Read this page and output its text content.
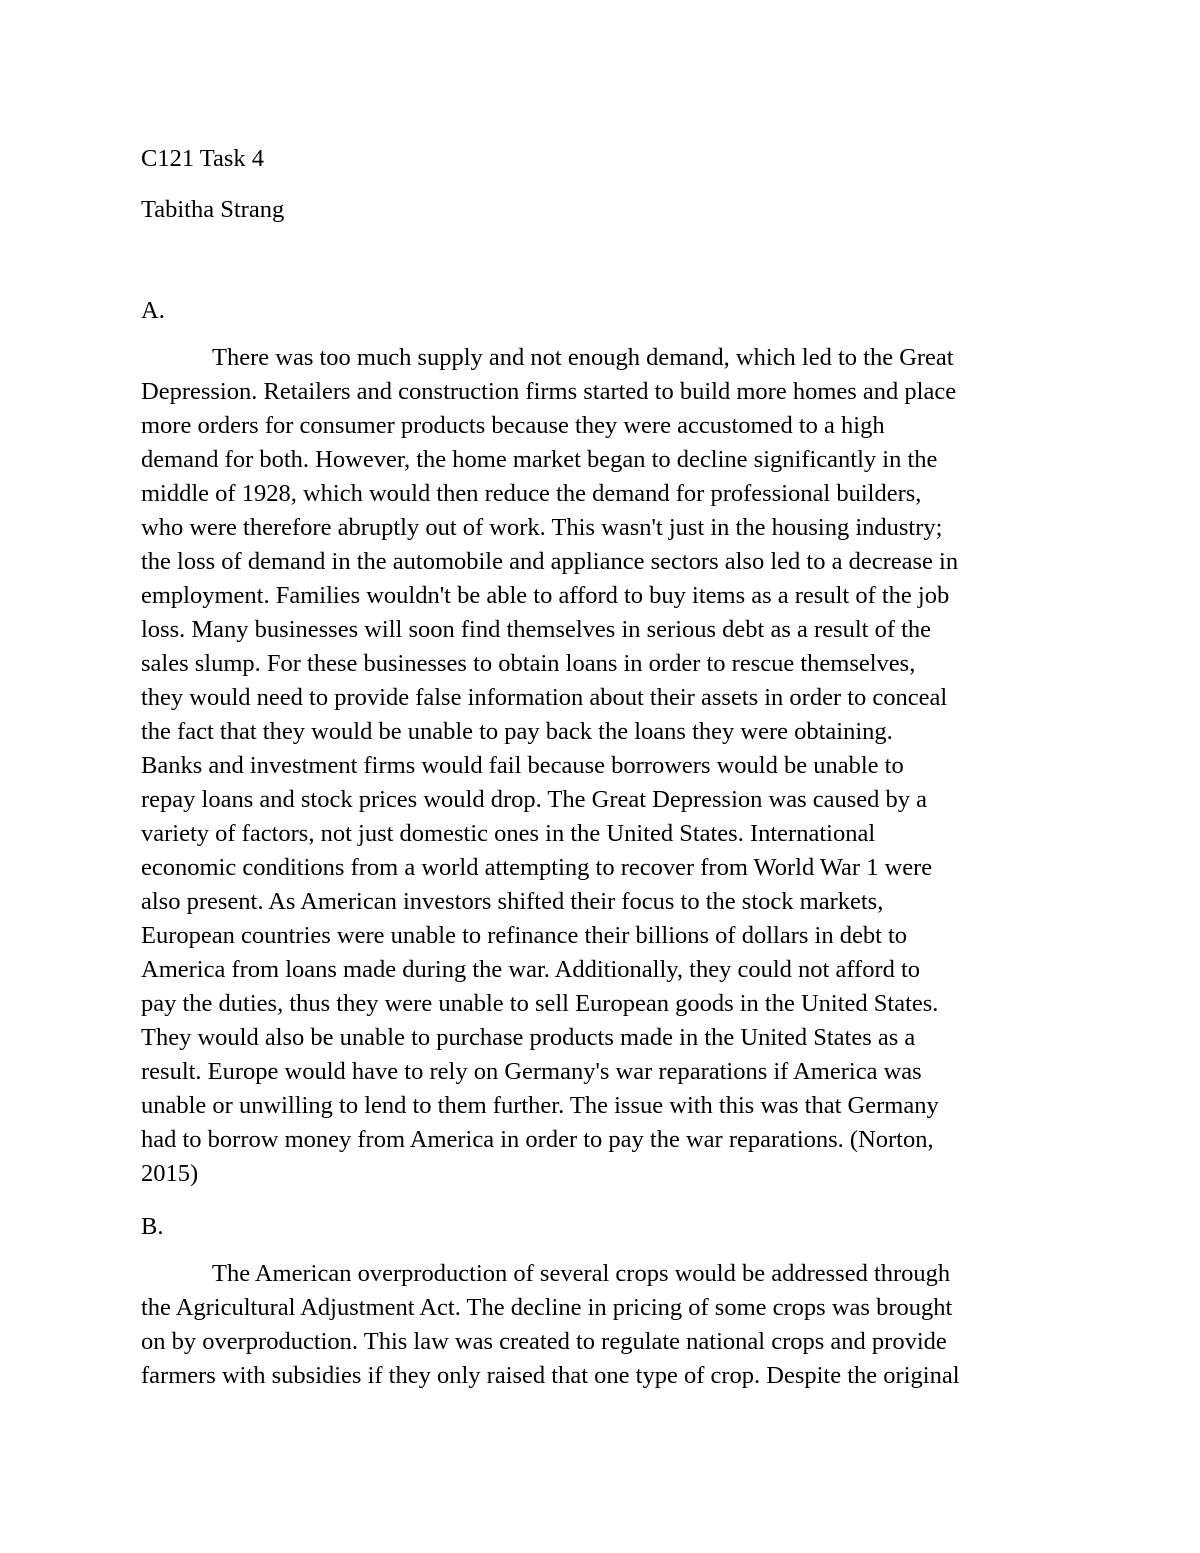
C121 Task 4

Tabitha Strang

A.

There was too much supply and not enough demand, which led to the Great

Depression. Retailers and construction firms started to build more homes and place

more orders for consumer products because they were accustomed to a high

demand for both. However, the home market began to decline significantly in the

middle of 1928, which would then reduce the demand for professional builders,

who were therefore abruptly out of work. This wasn't just in the housing industry;

the loss of demand in the automobile and appliance sectors also led to a decrease in

employment. Families wouldn't be able to afford to buy items as a result of the job

loss. Many businesses will soon find themselves in serious debt as a result of the

sales slump. For these businesses to obtain loans in order to rescue themselves,

they would need to provide false information about their assets in order to conceal

the fact that they would be unable to pay back the loans they were obtaining.

Banks and investment firms would fail because borrowers would be unable to

repay loans and stock prices would drop. The Great Depression was caused by a

variety of factors, not just domestic ones in the United States. International

economic conditions from a world attempting to recover from World War 1 were

also present. As American investors shifted their focus to the stock markets,

European countries were unable to refinance their billions of dollars in debt to

America from loans made during the war. Additionally, they could not afford to

pay the duties, thus they were unable to sell European goods in the United States.

They would also be unable to purchase products made in the United States as a

result. Europe would have to rely on Germany's war reparations if America was

unable or unwilling to lend to them further. The issue with this was that Germany

had to borrow money from America in order to pay the war reparations. (Norton,

2015)

B.

The American overproduction of several crops would be addressed through

the Agricultural Adjustment Act. The decline in pricing of some crops was brought

on by overproduction. This law was created to regulate national crops and provide

farmers with subsidies if they only raised that one type of crop. Despite the original
